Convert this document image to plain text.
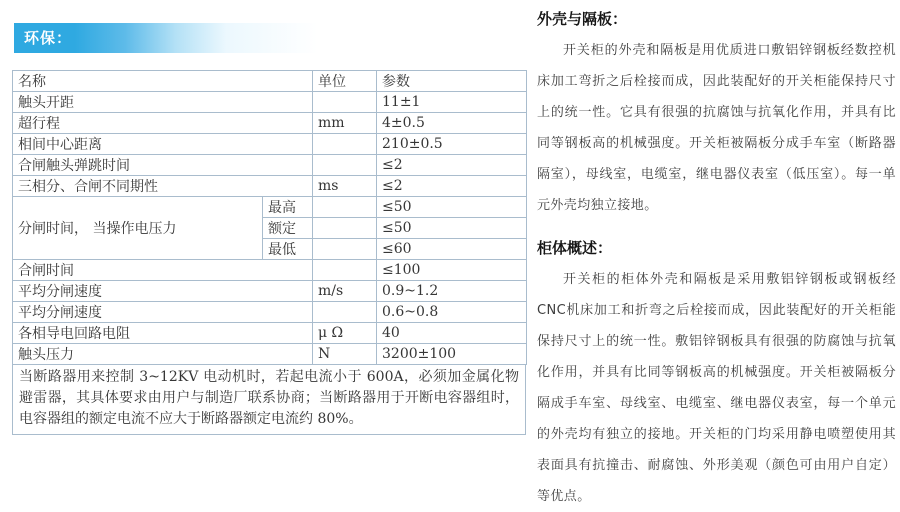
环保：
名称		单位	参数
触头开距			11±1
超行程		mm	4±0.5
相间中心距离			210±0.5
合闸触头弹跳时间			≤2
三相分、合闸不同期性		ms	≤2
分闸时间， 当操作电压力	最高		≤50
	额定		≤50
	最低		≤60
合闸时间			≤100
平均分闸速度		m/s	0.9~1.2
平均分闸速度			0.6~0.8
各相导电回路电阻		μ Ω	40
触头压力		N	3200±100
当断路器用来控制 3~12KV 电动机时，若起电流小于 600A，必须加金属化物避雷器，其具体要求由用户与制造厂联系协商；当断路器用于开断电容器组时，电容器组的额定电流不应大于断路器额定电流约 80%。
外壳与隔板：

开关柜的外壳和隔板是用优质进口敷铝锌钢板经数控机床加工弯折之后栓接而成，因此装配好的开关柜能保持尺寸上的统一性。它具有很强的抗腐蚀与抗氧化作用，并具有比同等钢板高的机械强度。开关柜被隔板分成手车室（断路器隔室），母线室，电缆室，继电器仪表室（低压室）。每一单元外壳均独立接地。

柜体概述：

开关柜的柜体外壳和隔板是采用敷铝锌钢板或钢板经CNC机床加工和折弯之后栓接而成，因此装配好的开关柜能保持尺寸上的统一性。敷铝锌钢板具有很强的防腐蚀与抗氧化作用，并具有比同等钢板高的机械强度。开关柜被隔板分隔成手车室、母线室、电缆室、继电器仪表室，每一个单元的外壳均有独立的接地。开关柜的门均采用静电喷塑使用其表面具有抗撞击、耐腐蚀、外形美观（颜色可由用户自定）等优点。
